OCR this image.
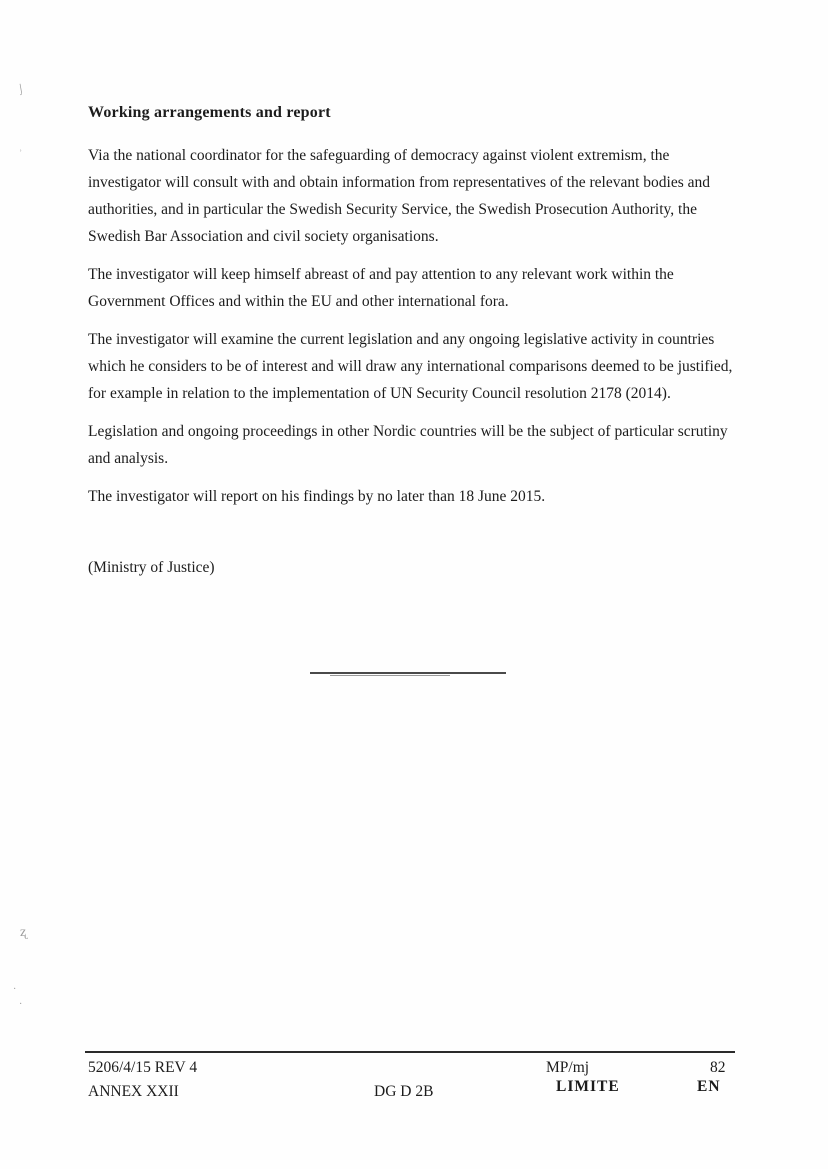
Working arrangements and report

Via the national coordinator for the safeguarding of democracy against violent extremism, the investigator will consult with and obtain information from representatives of the relevant bodies and authorities, and in particular the Swedish Security Service, the Swedish Prosecution Authority, the Swedish Bar Association and civil society organisations.

The investigator will keep himself abreast of and pay attention to any relevant work within the Government Offices and within the EU and other international fora.

The investigator will examine the current legislation and any ongoing legislative activity in countries which he considers to be of interest and will draw any international comparisons deemed to be justified, for example in relation to the implementation of UN Security Council resolution 2178 (2014).

Legislation and ongoing proceedings in other Nordic countries will be the subject of particular scrutiny and analysis.

The investigator will report on his findings by no later than 18 June 2015.

(Ministry of Justice)
5206/4/15 REV 4	MP/mj	82
ANNEX XXII	DG D 2B	LIMITE	EN
⌡
ʾ
ʐ
·
·
